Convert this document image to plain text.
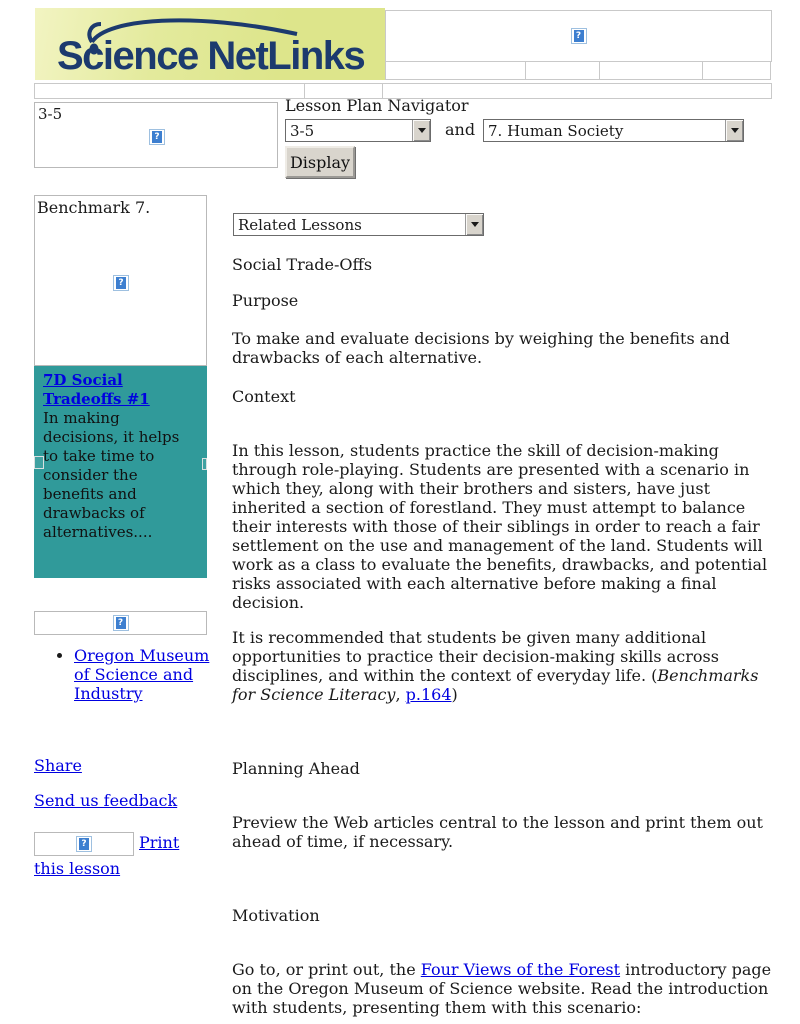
Science NetLinks	?
3-5
?
Lesson Plan Navigator
3-5	and 7. Human Society
Display
Benchmark 7.
?
7D Social Tradeoffs #1
In making decisions, it helps to take time to consider the benefits and drawbacks of alternatives....
?
• Oregon Museum of Science and Industry
Share
Send us feedback
?	Print this lesson
Related Lessons
Social Trade-Offs
Purpose
To make and evaluate decisions by weighing the benefits and drawbacks of each alternative.
Context
In this lesson, students practice the skill of decision-making through role-playing. Students are presented with a scenario in which they, along with their brothers and sisters, have just inherited a section of forestland. They must attempt to balance their interests with those of their siblings in order to reach a fair settlement on the use and management of the land. Students will work as a class to evaluate the benefits, drawbacks, and potential risks associated with each alternative before making a final decision.
It is recommended that students be given many additional opportunities to practice their decision-making skills across disciplines, and within the context of everyday life. (Benchmarks for Science Literacy, p.164)
Planning Ahead
Preview the Web articles central to the lesson and print them out ahead of time, if necessary.
Motivation
Go to, or print out, the Four Views of the Forest introductory page on the Oregon Museum of Science website. Read the introduction with students, presenting them with this scenario:
